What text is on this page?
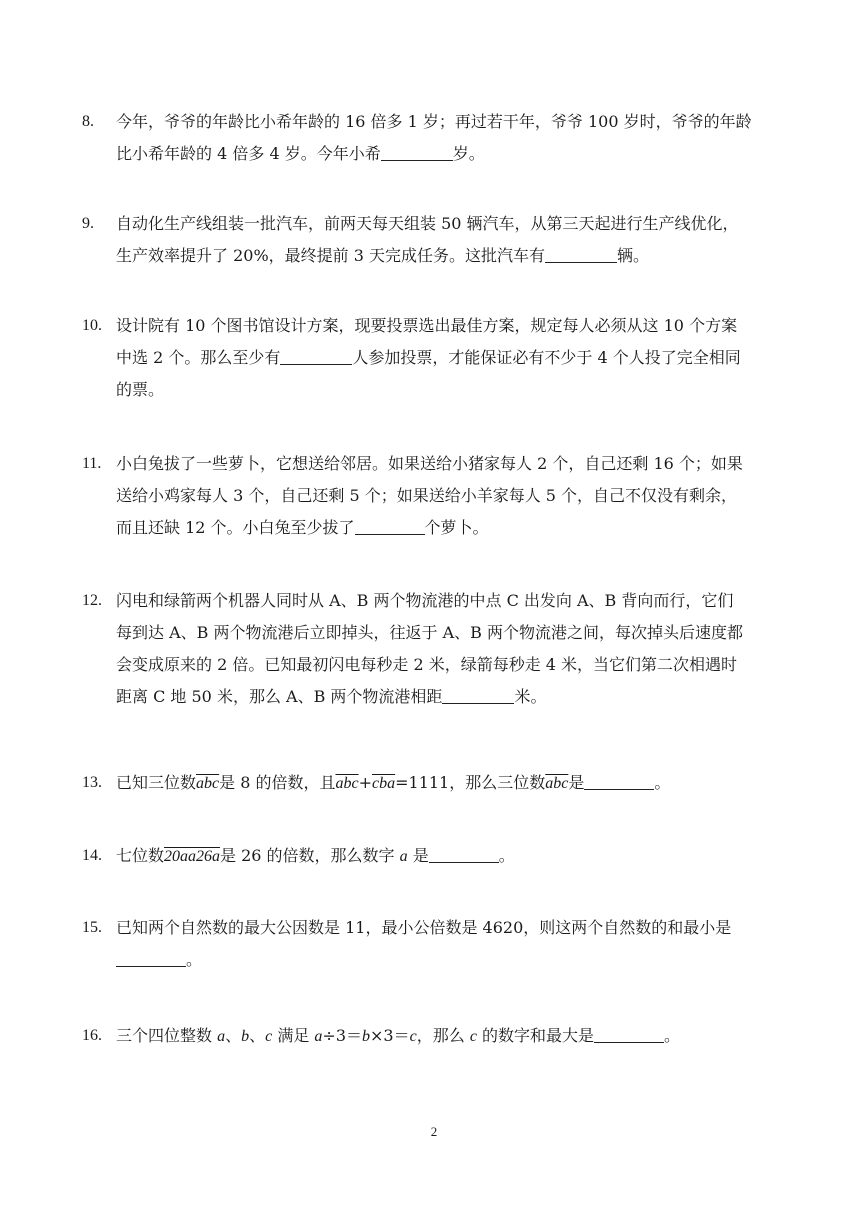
8.	今年，爷爷的年龄比小希年龄的 16 倍多 1 岁；再过若干年，爷爷 100 岁时，爷爷的年龄
比小希年龄的 4 倍多 4 岁。今年小希	岁。
9.	自动化生产线组装一批汽车，前两天每天组装 50 辆汽车，从第三天起进行生产线优化，
生产效率提升了 20%，最终提前 3 天完成任务。这批汽车有	辆。
10. 设计院有 10 个图书馆设计方案，现要投票选出最佳方案，规定每人必须从这 10 个方案
中选 2 个。那么至少有	人参加投票，才能保证必有不少于 4 个人投了完全相同
的票。
11. 小白兔拔了一些萝卜，它想送给邻居。如果送给小猪家每人 2 个，自己还剩 16 个；如果
送给小鸡家每人 3 个，自己还剩 5 个；如果送给小羊家每人 5 个，自己不仅没有剩余，
而且还缺 12 个。小白兔至少拔了	个萝卜。
12. 闪电和绿箭两个机器人同时从 A、B 两个物流港的中点 C 出发向 A、B 背向而行，它们
每到达 A、B 两个物流港后立即掉头，往返于 A、B 两个物流港之间，每次掉头后速度都
会变成原来的 2 倍。已知最初闪电每秒走 2 米，绿箭每秒走 4 米，当它们第二次相遇时
距离 C 地 50 米，那么 A、B 两个物流港相距	米。
13. 已知三位数$\overline{abc}$是 8 的倍数，且$\overline{abc}+\overline{cba}=1111$，那么三位数$\overline{abc}$是	。
14. 七位数20aa26a是 26 的倍数，那么数字 a 是	。
15. 已知两个自然数的最大公因数是 11，最小公倍数是 4620，则这两个自然数的和最小是
。
16. 三个四位整数 a、b、c 满足 a÷3＝b×3＝c，那么 c 的数字和最大是	。
2
